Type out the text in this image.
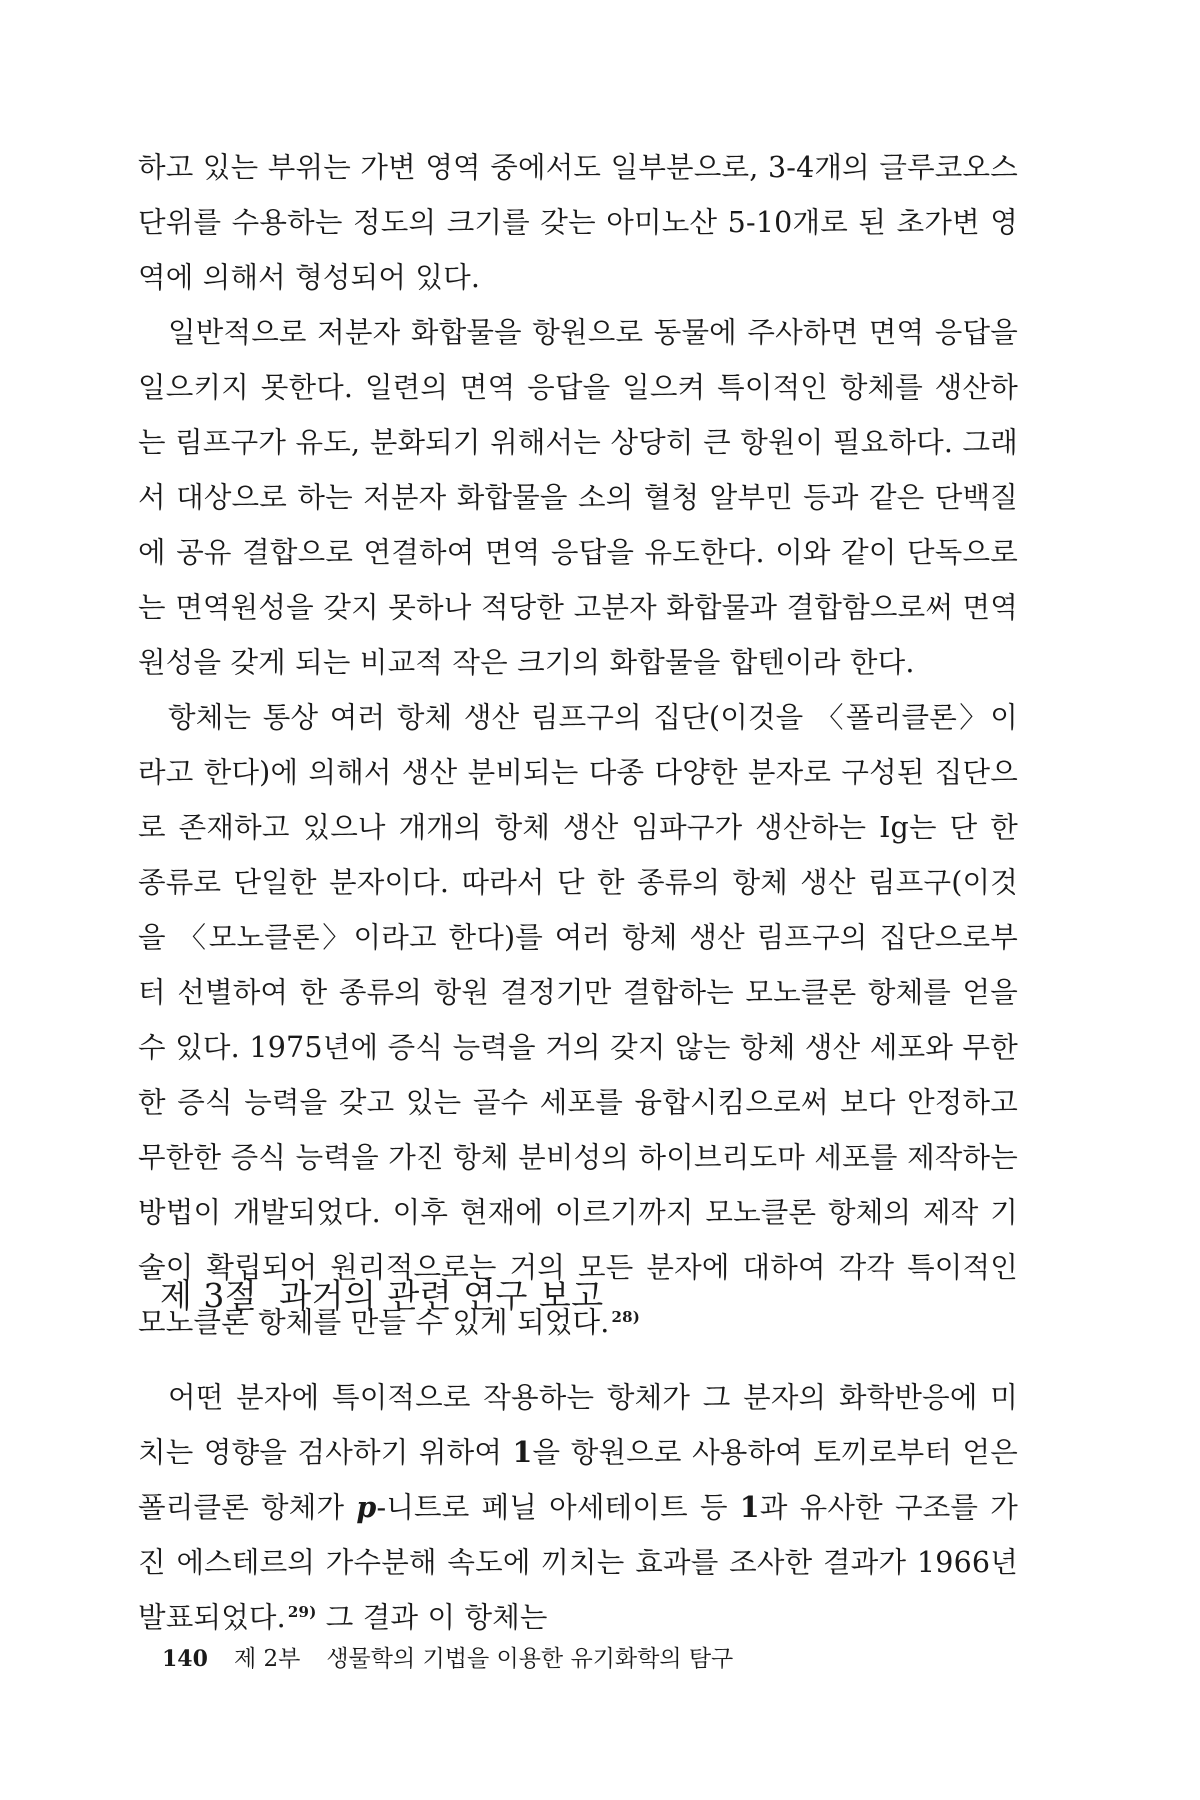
하고 있는 부위는 가변 영역 중에서도 일부분으로, 3-4개의 글루코오스 단위를 수용하는 정도의 크기를 갖는 아미노산 5-10개로 된 초가변 영역에 의해서 형성되어 있다.

일반적으로 저분자 화합물을 항원으로 동물에 주사하면 면역 응답을 일으키지 못한다. 일련의 면역 응답을 일으켜 특이적인 항체를 생산하는 림프구가 유도, 분화되기 위해서는 상당히 큰 항원이 필요하다. 그래서 대상으로 하는 저분자 화합물을 소의 혈청 알부민 등과 같은 단백질에 공유 결합으로 연결하여 면역 응답을 유도한다. 이와 같이 단독으로는 면역원성을 갖지 못하나 적당한 고분자 화합물과 결합함으로써 면역원성을 갖게 되는 비교적 작은 크기의 화합물을 합텐이라 한다.

항체는 통상 여러 항체 생산 림프구의 집단(이것을 〈폴리클론〉이라고 한다)에 의해서 생산 분비되는 다종 다양한 분자로 구성된 집단으로 존재하고 있으나 개개의 항체 생산 임파구가 생산하는 Ig는 단 한 종류로 단일한 분자이다. 따라서 단 한 종류의 항체 생산 림프구(이것을 〈모노클론〉이라고 한다)를 여러 항체 생산 림프구의 집단으로부터 선별하여 한 종류의 항원 결정기만 결합하는 모노클론 항체를 얻을 수 있다. 1975년에 증식 능력을 거의 갖지 않는 항체 생산 세포와 무한한 증식 능력을 갖고 있는 골수 세포를 융합시킴으로써 보다 안정하고 무한한 증식 능력을 가진 항체 분비성의 하이브리도마 세포를 제작하는 방법이 개발되었다. 이후 현재에 이르기까지 모노클론 항체의 제작 기술이 확립되어 원리적으로는 거의 모든 분자에 대하여 각각 특이적인 모노클론 항체를 만들 수 있게 되었다. $^{28)}$

제 3절 과거의 관련 연구 보고

어떤 분자에 특이적으로 작용하는 항체가 그 분자의 화학반응에 미치는 영향을 검사하기 위하여 1을 항원으로 사용하여 토끼로부터 얻은 폴리클론 항체가 p-니트로 페닐 아세테이트 등 1과 유사한 구조를 가진 에스테르의 가수분해 속도에 끼치는 효과를 조사한 결과가 1966년 발표되었다. $^{29)}$ 그 결과 이 항체는

140 제 2부 생물학의 기법을 이용한 유기화학의 탐구
